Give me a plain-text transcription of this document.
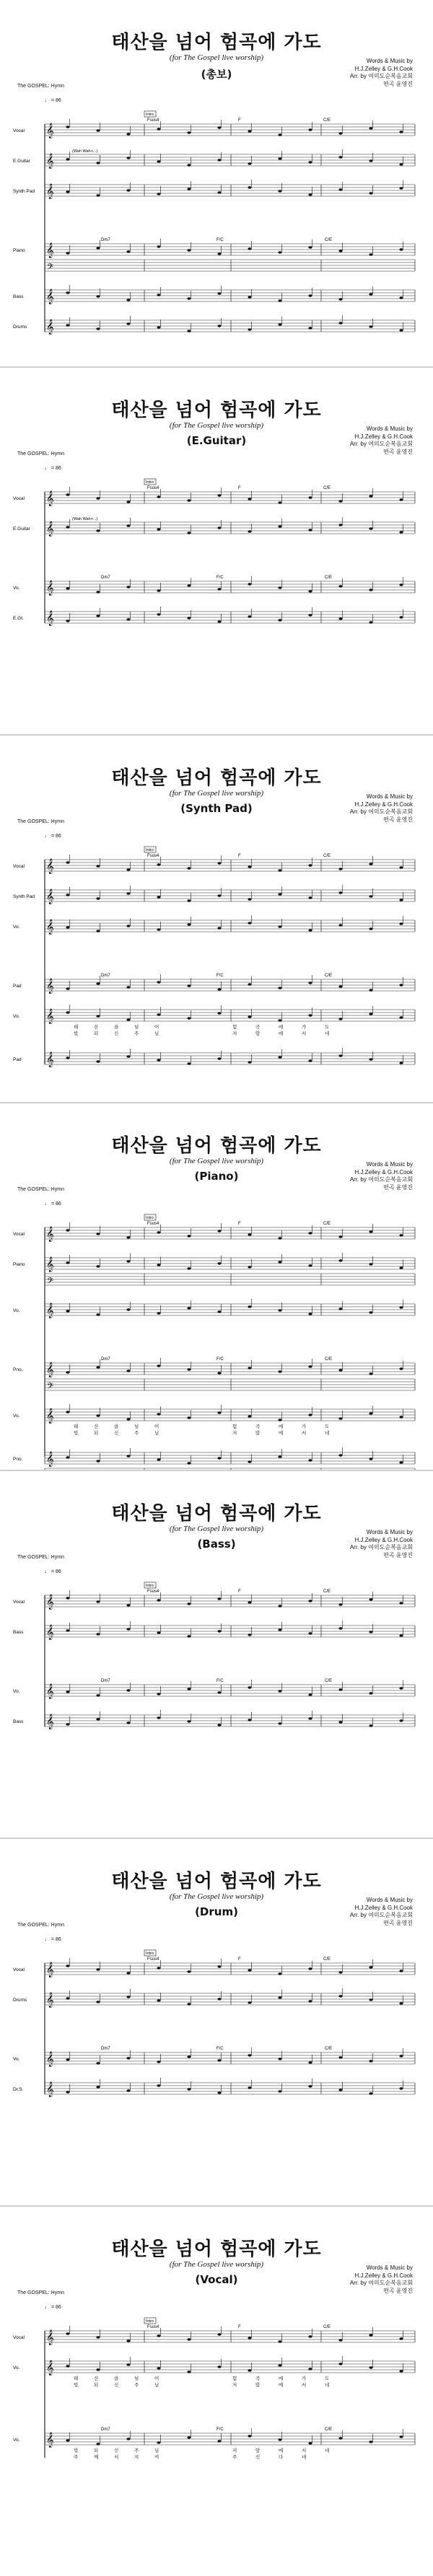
태산을 넘어 험곡에 가도
(for The Gospel live worship)
(총보)
Words & Music by
H.J.Zelley & G.H.Cook
Arr. by 여의도순복음교회
편곡 윤영진
The GOSPEL: Hymn
♩ = 86
Vocal 𝄞
Intro
Fsus4	F	C/E
E.Guitar 𝄞
(Wah Wah+...)
Synth Pad 𝄞
Piano 𝄞
𝄢
Dm7	F/C	C/E
Bass 𝄞
Drums 𝄞
태산을 넘어 험곡에 가도
(for The Gospel live worship)
(E.Guitar)
Words & Music by
H.J.Zelley & G.H.Cook
Arr. by 여의도순복음교회
편곡 윤영진
The GOSPEL: Hymn
♩ = 86
Vocal 𝄞
Intro
Fsus4	F	C/E
E.Guitar 𝄞
(Wah Wah+...)
Vo. 𝄞
Dm7	F/C	C/E
E.Gt. 𝄞
태산을 넘어 험곡에 가도
(for The Gospel live worship)
(Synth Pad)
Words & Music by
H.J.Zelley & G.H.Cook
Arr. by 여의도순복음교회
편곡 윤영진
The GOSPEL: Hymn
♩ = 86
Vocal 𝄞
Intro
Fsus4	F	C/E
Synth Pad 𝄞
Vo. 𝄞
Pad 𝄞
Dm7	F/C	C/E
Vo. 𝄞
태	산	을	넘	어	험	곡	에	가	도
빛	되	신	주	님	저	앞	에	서	네
Pad 𝄞
태산을 넘어 험곡에 가도
(for The Gospel live worship)
(Piano)
Words & Music by
H.J.Zelley & G.H.Cook
Arr. by 여의도순복음교회
편곡 윤영진
The GOSPEL: Hymn
♩ = 86
Vocal 𝄞
Intro
Fsus4	F	C/E
Piano 𝄞
𝄢
Vo. 𝄞
Pno. 𝄞
𝄢
Dm7	F/C	C/E
Vo. 𝄞
태	산	을	넘	어	험	곡	에	가	도
빛	되	신	주	님	저	앞	에	서	네
Pno. 𝄞
태산을 넘어 험곡에 가도
(for The Gospel live worship)
(Bass)
Words & Music by
H.J.Zelley & G.H.Cook
Arr. by 여의도순복음교회
편곡 윤영진
The GOSPEL: Hymn
♩ = 86
Vocal 𝄞
Intro
Fsus4	F	C/E
Bass 𝄞
Vo. 𝄞
Dm7	F/C	C/E
Bass 𝄞
태산을 넘어 험곡에 가도
(for The Gospel live worship)
(Drum)
Words & Music by
H.J.Zelley & G.H.Cook
Arr. by 여의도순복음교회
편곡 윤영진
The GOSPEL: Hymn
♩ = 86
Vocal 𝄞
Intro
Fsus4	F	C/E
Drums 𝄞
Vo. 𝄞
Dm7	F/C	C/E
Dr.S. 𝄞
태산을 넘어 험곡에 가도
(for The Gospel live worship)
(Vocal)
Words & Music by
H.J.Zelley & G.H.Cook
Arr. by 여의도순복음교회
편곡 윤영진
The GOSPEL: Hymn
♩ = 86
Vocal 𝄞
Intro
Fsus4	F	C/E
Vo. 𝄞
태	산	을	넘	어	험	곡	에	가	도
빛	되	신	주	님	저	앞	에	서	네
Vo. 𝄞
Dm7	F/C	C/E
빛	되	신	주	님	저	앞	에	서	네
주	께	서	지	켜	주	신	다	네
